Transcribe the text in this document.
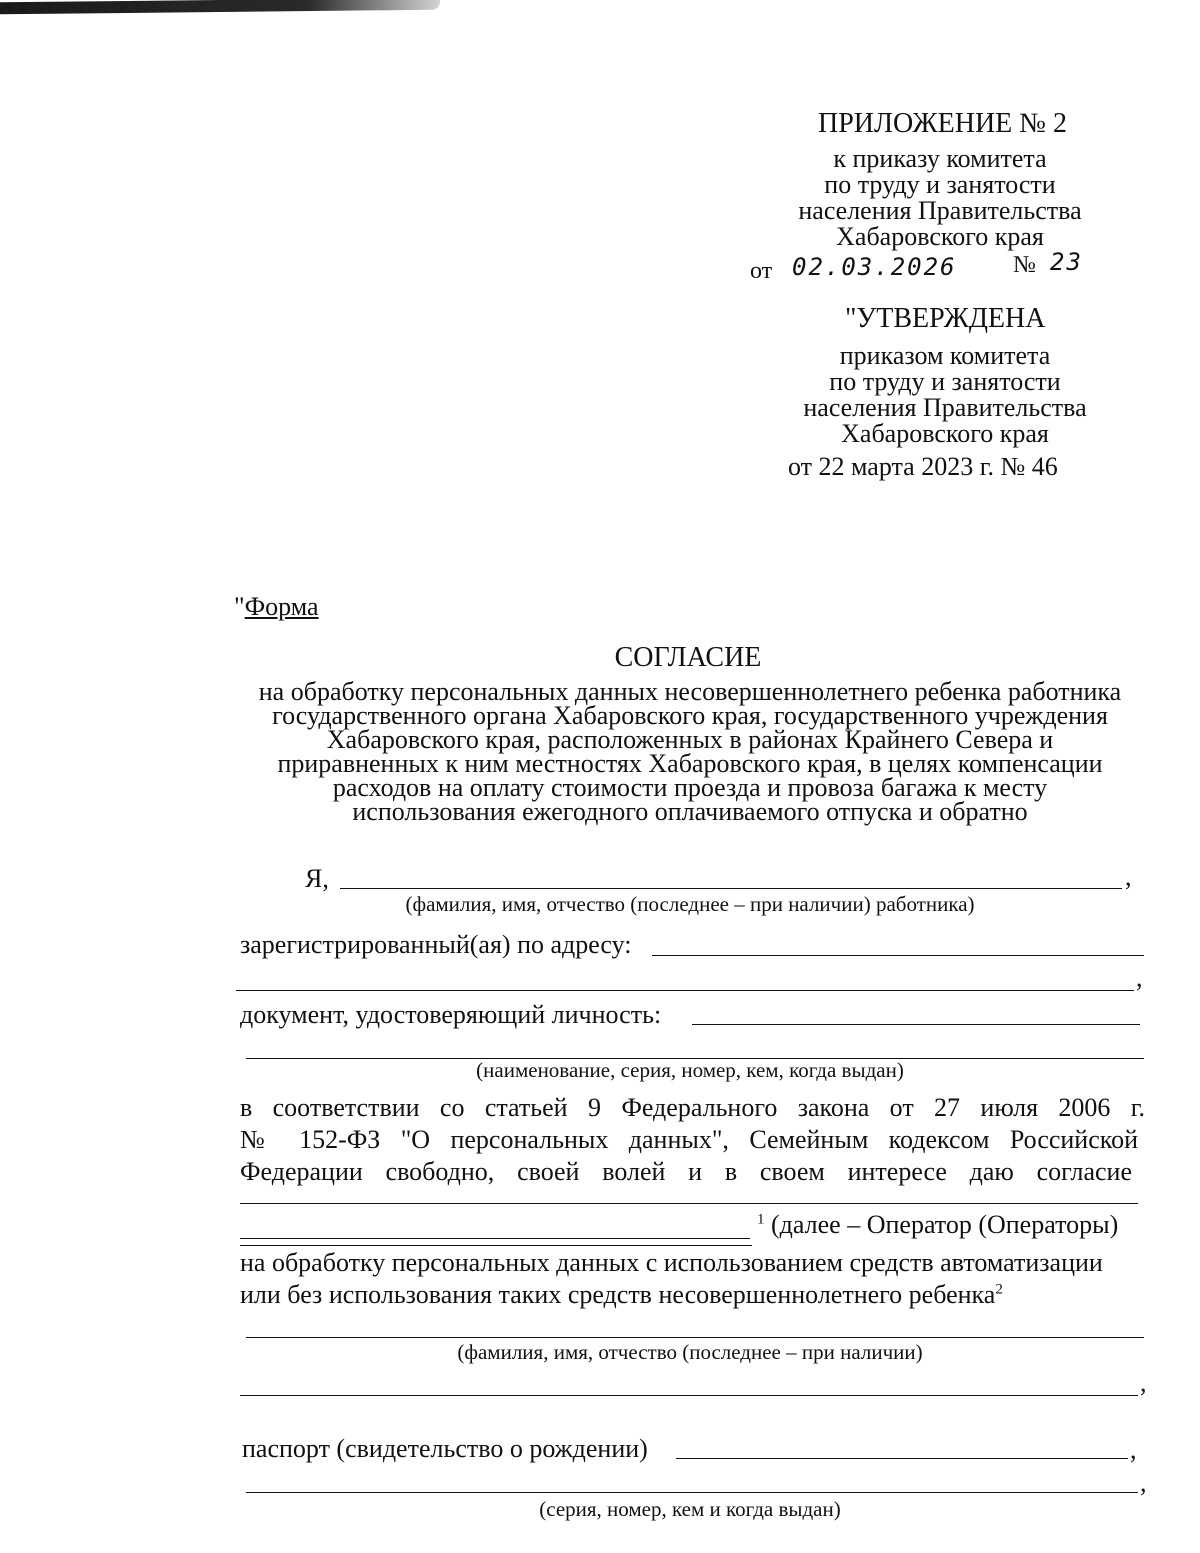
ПРИЛОЖЕНИЕ № 2
к приказу комитета
по труду и занятости
населения Правительства
Хабаровского края
от 02.03.2026 № 23
"УТВЕРЖДЕНА
приказом комитета
по труду и занятости
населения Правительства
Хабаровского края
от 22 марта 2023 г. № 46
"Форма
СОГЛАСИЕ
на обработку персональных данных несовершеннолетнего ребенка работника
государственного органа Хабаровского края, государственного учреждения
Хабаровского края, расположенных в районах Крайнего Севера и
приравненных к ним местностях Хабаровского края, в целях компенсации
расходов на оплату стоимости проезда и провоза багажа к месту
использования ежегодного оплачиваемого отпуска и обратно
Я,	,
(фамилия, имя, отчество (последнее – при наличии) работника)
зарегистрированный(ая) по адресу:
,
документ, удостоверяющий личность:
(наименование, серия, номер, кем, когда выдан)
в соответствии со статьей 9 Федерального закона от 27 июля 2006 г.
№ 152-ФЗ "О персональных данных", Семейным кодексом Российской
Федерации свободно, своей волей и в своем интересе даю согласие
$^1$ (далее – Оператор (Операторы)
на обработку персональных данных с использованием средств автоматизации
или без использования таких средств несовершеннолетнего ребенка$^2$
(фамилия, имя, отчество (последнее – при наличии)
,
паспорт (свидетельство о рождении)	,
,
(серия, номер, кем и когда выдан)
